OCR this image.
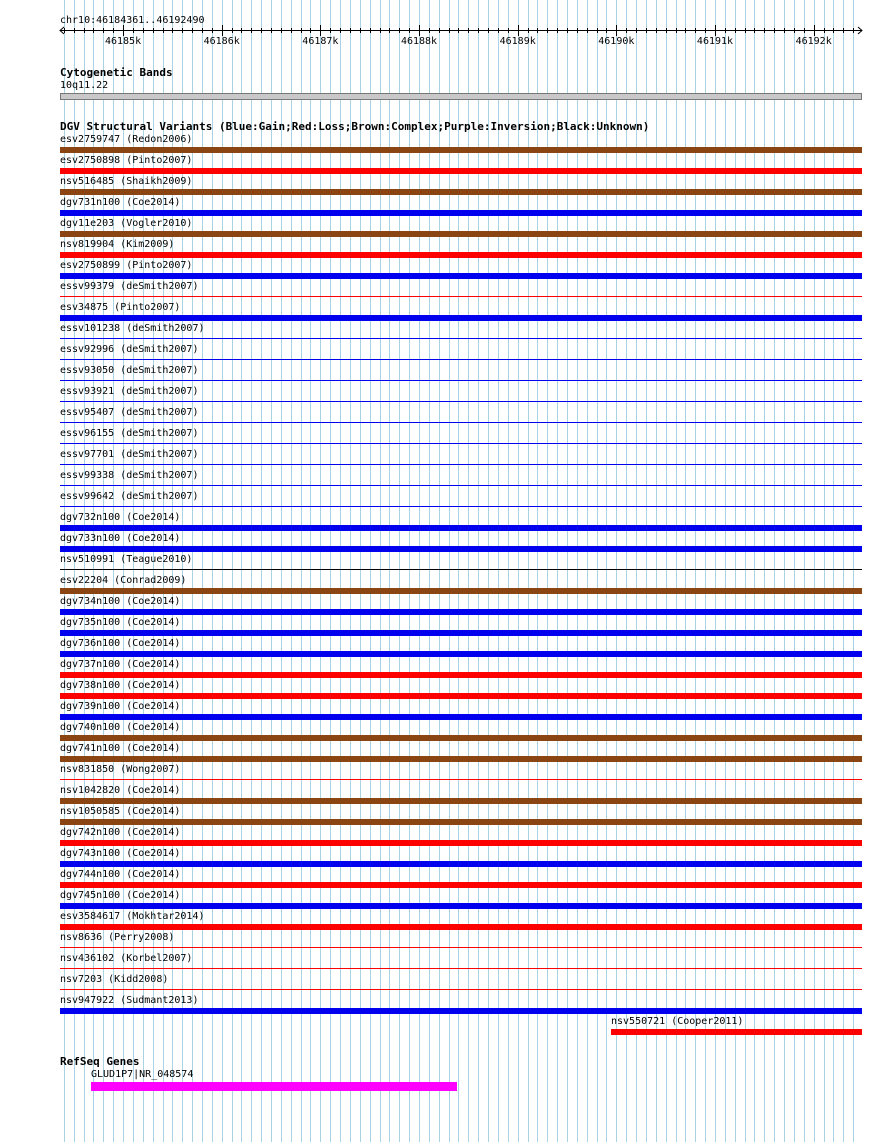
chr10:46184361..46192490
46185k	46186k	46187k	46188k	46189k	46190k	46191k	46192k
Cytogenetic Bands
10q11.22
DGV Structural Variants (Blue:Gain;Red:Loss;Brown:Complex;Purple:Inversion;Black:Unknown)
esv2759747 (Redon2006)
esv2750898 (Pinto2007)
nsv516485 (Shaikh2009)
dgv731n100 (Coe2014)
dgv11e203 (Vogler2010)
nsv819904 (Kim2009)
esv2750899 (Pinto2007)
essv99379 (deSmith2007)
esv34875 (Pinto2007)
essv101238 (deSmith2007)
essv92996 (deSmith2007)
essv93050 (deSmith2007)
essv93921 (deSmith2007)
essv95407 (deSmith2007)
essv96155 (deSmith2007)
essv97701 (deSmith2007)
essv99338 (deSmith2007)
essv99642 (deSmith2007)
dgv732n100 (Coe2014)
dgv733n100 (Coe2014)
nsv510991 (Teague2010)
esv22204 (Conrad2009)
dgv734n100 (Coe2014)
dgv735n100 (Coe2014)
dgv736n100 (Coe2014)
dgv737n100 (Coe2014)
dgv738n100 (Coe2014)
dgv739n100 (Coe2014)
dgv740n100 (Coe2014)
dgv741n100 (Coe2014)
nsv831850 (Wong2007)
nsv1042820 (Coe2014)
nsv1050585 (Coe2014)
dgv742n100 (Coe2014)
dgv743n100 (Coe2014)
dgv744n100 (Coe2014)
dgv745n100 (Coe2014)
esv3584617 (Mokhtar2014)
nsv8636 (Perry2008)
nsv436102 (Korbel2007)
nsv7203 (Kidd2008)
nsv947922 (Sudmant2013)
nsv550721 (Cooper2011)
RefSeq Genes
GLUD1P7|NR_048574
